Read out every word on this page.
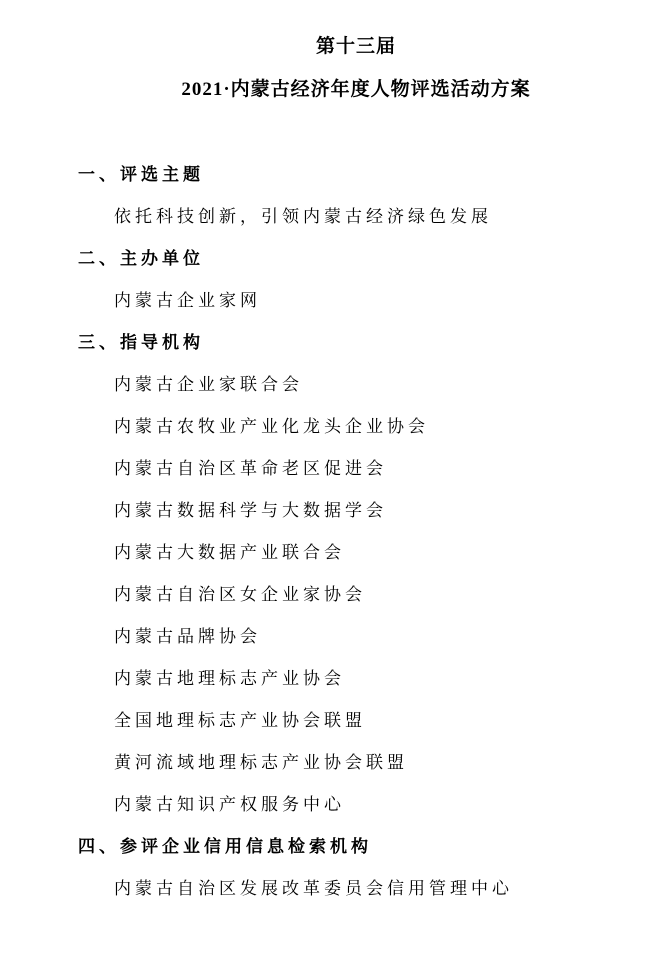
第十三届
2021·内蒙古经济年度人物评选活动方案
一、评选主题
依托科技创新，引领内蒙古经济绿色发展
二、主办单位
内蒙古企业家网
三、指导机构
内蒙古企业家联合会
内蒙古农牧业产业化龙头企业协会
内蒙古自治区革命老区促进会
内蒙古数据科学与大数据学会
内蒙古大数据产业联合会
内蒙古自治区女企业家协会
内蒙古品牌协会
内蒙古地理标志产业协会
全国地理标志产业协会联盟
黄河流域地理标志产业协会联盟
内蒙古知识产权服务中心
四、参评企业信用信息检索机构
内蒙古自治区发展改革委员会信用管理中心
